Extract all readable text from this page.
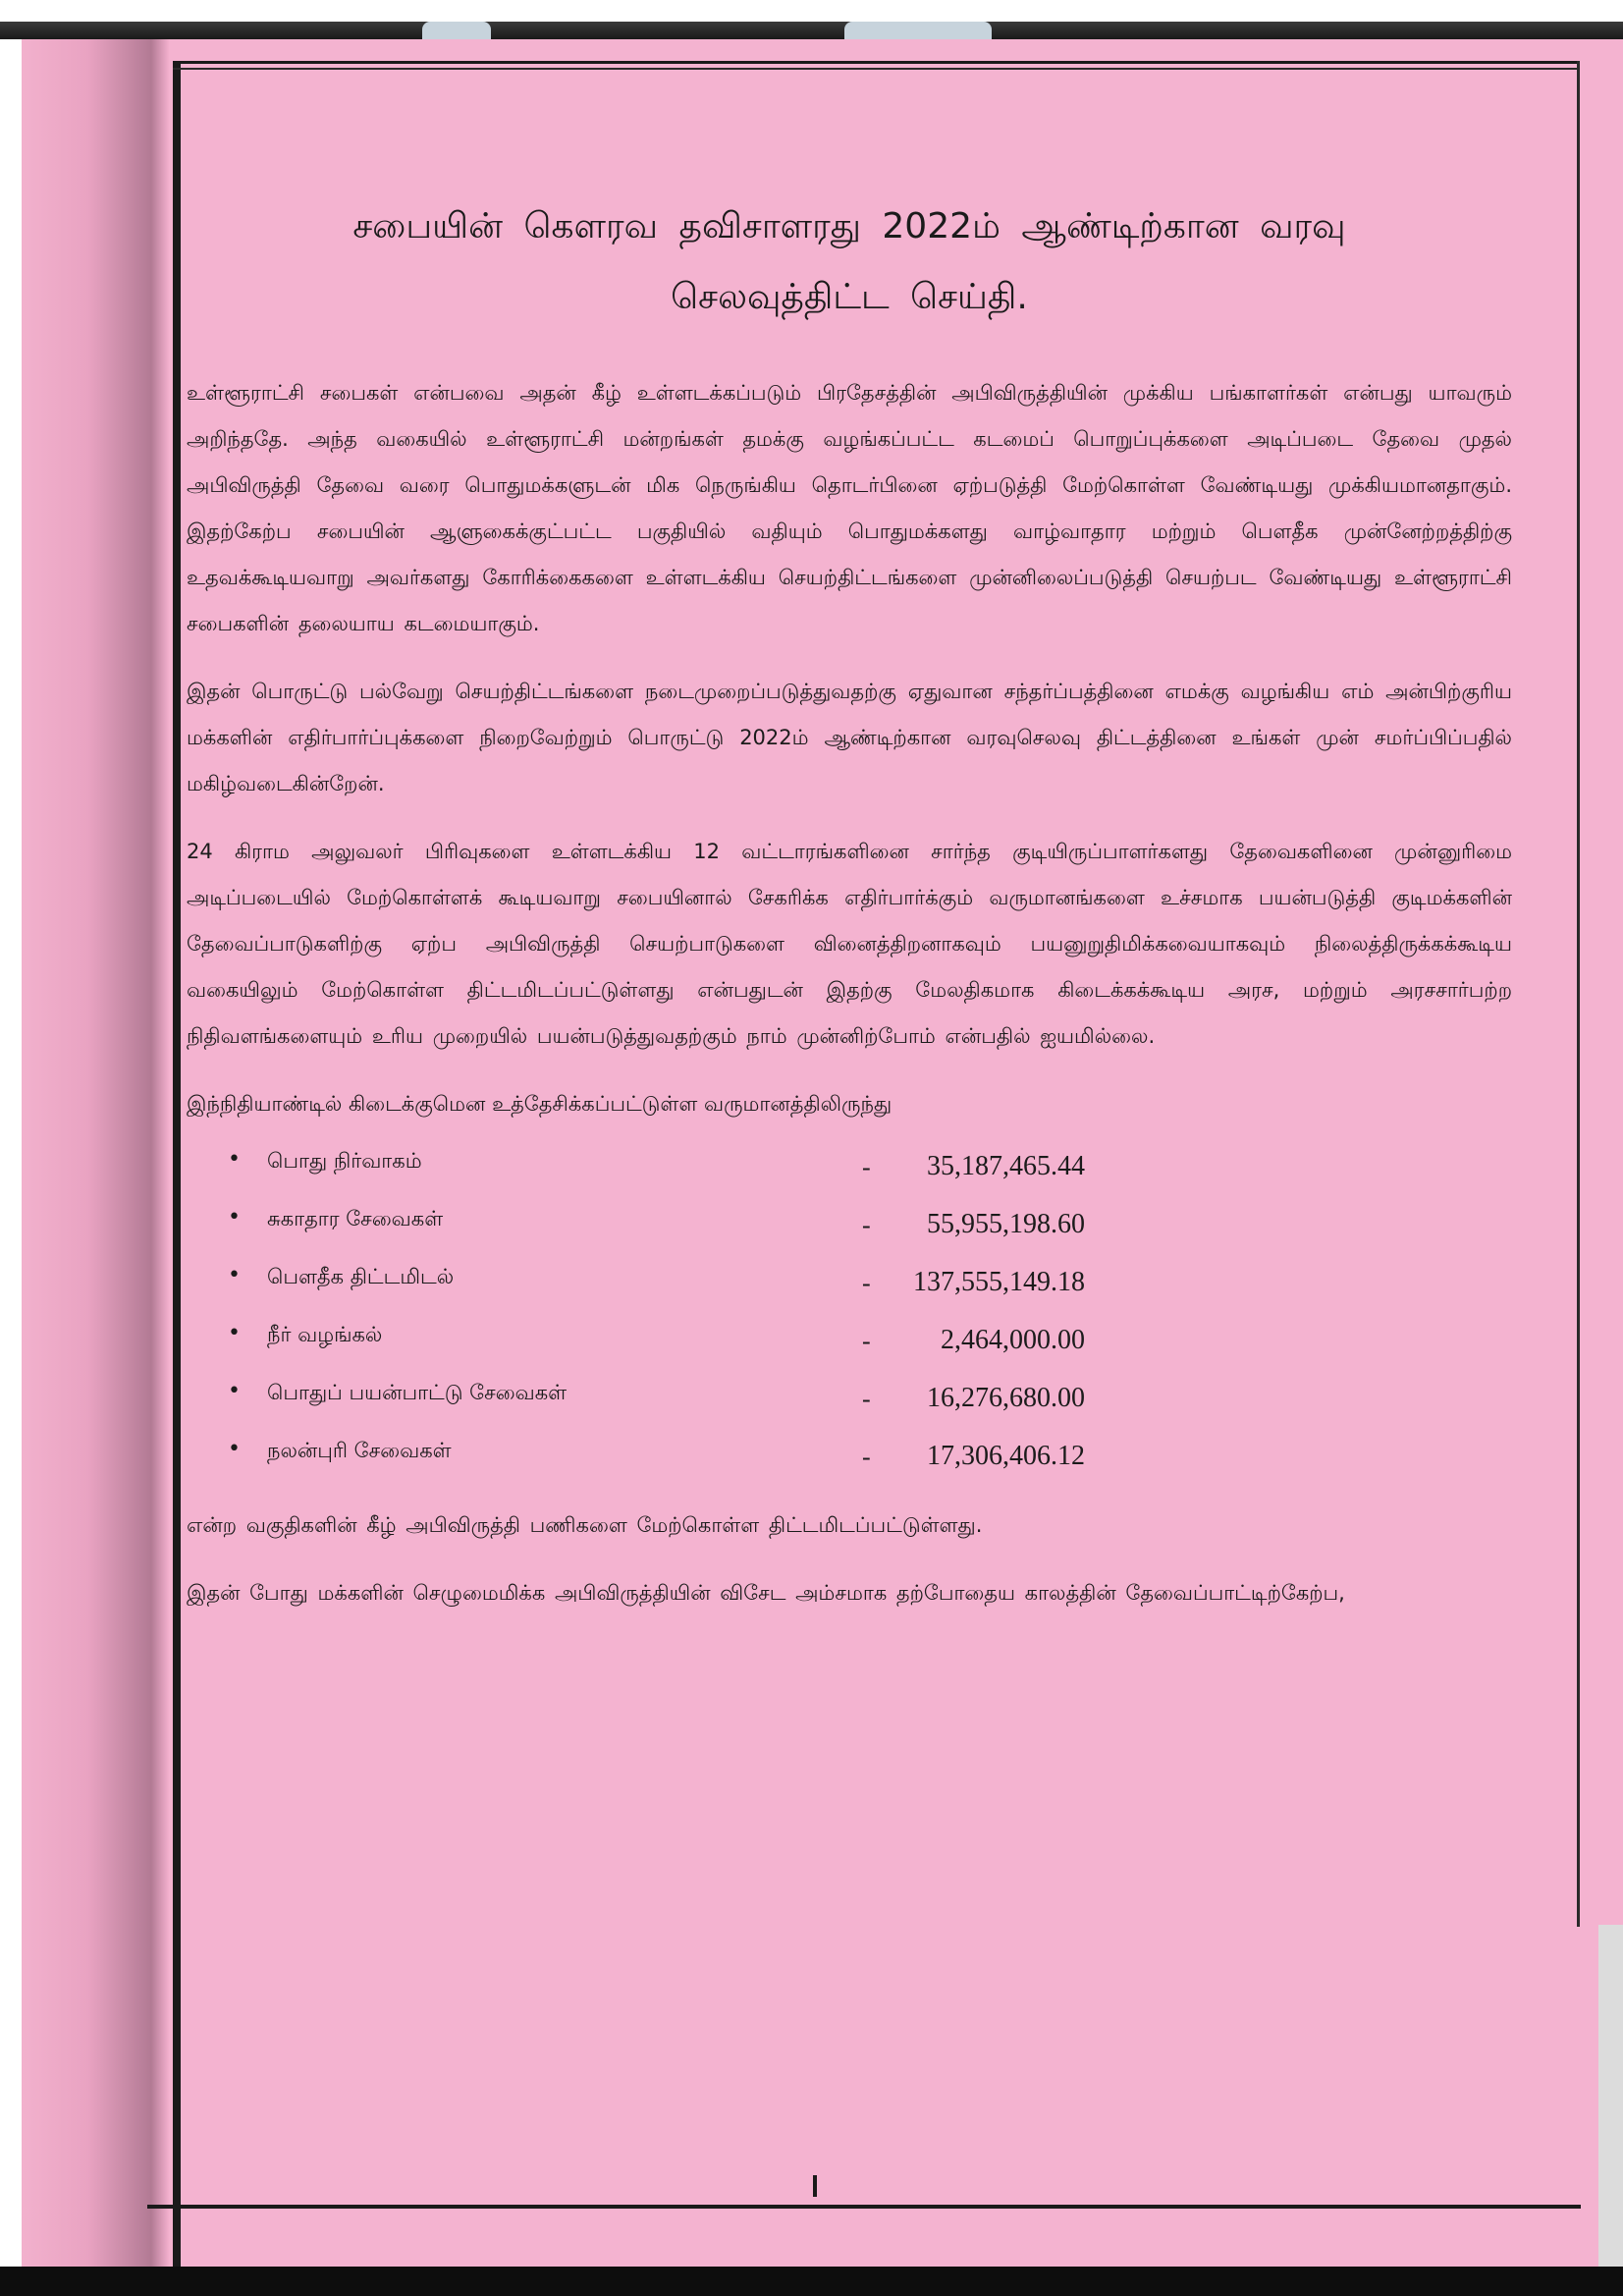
சபையின் கௌரவ தவிசாளரது 2022ம் ஆண்டிற்கான வரவு
செலவுத்திட்ட செய்தி.

உள்ளூராட்சி சபைகள் என்பவை அதன் கீழ் உள்ளடக்கப்படும் பிரதேசத்தின் அபிவிருத்தியின் முக்கிய பங்காளர்கள் என்பது யாவரும் அறிந்ததே. அந்த வகையில் உள்ளூராட்சி மன்றங்கள் தமக்கு வழங்கப்பட்ட கடமைப் பொறுப்புக்களை அடிப்படை தேவை முதல் அபிவிருத்தி தேவை வரை பொதுமக்களுடன் மிக நெருங்கிய தொடர்பினை ஏற்படுத்தி மேற்கொள்ள வேண்டியது முக்கியமானதாகும். இதற்கேற்ப சபையின் ஆளுகைக்குட்பட்ட பகுதியில் வதியும் பொதுமக்களது வாழ்வாதார மற்றும் பௌதீக முன்னேற்றத்திற்கு உதவக்கூடியவாறு அவர்களது கோரிக்கைகளை உள்ளடக்கிய செயற்திட்டங்களை முன்னிலைப்படுத்தி செயற்பட வேண்டியது உள்ளூராட்சி சபைகளின் தலையாய கடமையாகும்.

இதன் பொருட்டு பல்வேறு செயற்திட்டங்களை நடைமுறைப்படுத்துவதற்கு ஏதுவான சந்தர்ப்பத்தினை எமக்கு வழங்கிய எம் அன்பிற்குரிய மக்களின் எதிர்பார்ப்புக்களை நிறைவேற்றும் பொருட்டு 2022ம் ஆண்டிற்கான வரவுசெலவு திட்டத்தினை உங்கள் முன் சமர்ப்பிப்பதில் மகிழ்வடைகின்றேன்.

24 கிராம அலுவலர் பிரிவுகளை உள்ளடக்கிய 12 வட்டாரங்களினை சார்ந்த குடியிருப்பாளர்களது தேவைகளினை முன்னுரிமை அடிப்படையில் மேற்கொள்ளக் கூடியவாறு சபையினால் சேகரிக்க எதிர்பார்க்கும் வருமானங்களை உச்சமாக பயன்படுத்தி குடிமக்களின் தேவைப்பாடுகளிற்கு ஏற்ப அபிவிருத்தி செயற்பாடுகளை வினைத்திறனாகவும் பயனுறுதிமிக்கவையாகவும் நிலைத்திருக்கக்கூடிய வகையிலும் மேற்கொள்ள திட்டமிடப்பட்டுள்ளது என்பதுடன் இதற்கு மேலதிகமாக கிடைக்கக்கூடிய அரச, மற்றும் அரசசார்பற்ற நிதிவளங்களையும் உரிய முறையில் பயன்படுத்துவதற்கும் நாம் முன்னிற்போம் என்பதில் ஐயமில்லை.

இந்நிதியாண்டில் கிடைக்குமென உத்தேசிக்கப்பட்டுள்ள வருமானத்திலிருந்து

• பொது நிர்வாகம்	-	35,187,465.44
• சுகாதார சேவைகள்	-	55,955,198.60
• பௌதீக திட்டமிடல்	-	137,555,149.18
• நீர் வழங்கல்	-	2,464,000.00
• பொதுப் பயன்பாட்டு சேவைகள்	-	16,276,680.00
• நலன்புரி சேவைகள்	-	17,306,406.12

என்ற வகுதிகளின் கீழ் அபிவிருத்தி பணிகளை மேற்கொள்ள திட்டமிடப்பட்டுள்ளது.

இதன் போது மக்களின் செழுமைமிக்க அபிவிருத்தியின் விசேட அம்சமாக தற்போதைய காலத்தின் தேவைப்பாட்டிற்கேற்ப,
